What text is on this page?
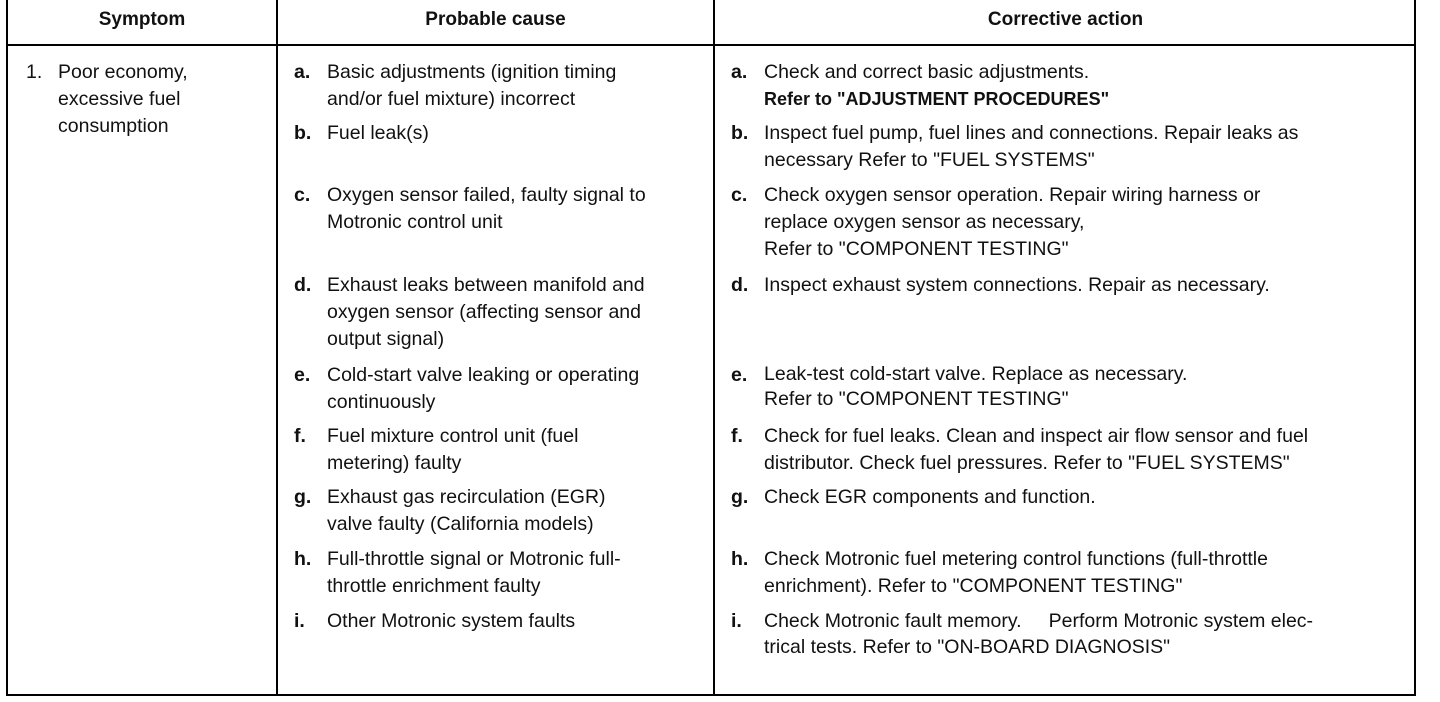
Symptom	Probable cause	Corrective action
1. Poor economy,
excessive fuel
consumption
a. Basic adjustments (ignition timing
and/or fuel mixture) incorrect
b. Fuel leak(s)
c. Oxygen sensor failed, faulty signal to
Motronic control unit
d. Exhaust leaks between manifold and
oxygen sensor (affecting sensor and
output signal)
e. Cold-start valve leaking or operating
continuously
f. Fuel mixture control unit (fuel
metering) faulty
g. Exhaust gas recirculation (EGR)
valve faulty (California models)
h. Full-throttle signal or Motronic full-
throttle enrichment faulty
i. Other Motronic system faults
a. Check and correct basic adjustments.
Refer to "ADJUSTMENT PROCEDURES"
b. Inspect fuel pump, fuel lines and connections. Repair leaks as
necessary Refer to "FUEL SYSTEMS"
c. Check oxygen sensor operation. Repair wiring harness or
replace oxygen sensor as necessary,
Refer to "COMPONENT TESTING"
d. Inspect exhaust system connections. Repair as necessary.
e. Leak-test cold-start valve. Replace as necessary.
Refer to "COMPONENT TESTING"
f. Check for fuel leaks. Clean and inspect air flow sensor and fuel
distributor. Check fuel pressures. Refer to "FUEL SYSTEMS"
g. Check EGR components and function.
h. Check Motronic fuel metering control functions (full-throttle
enrichment). Refer to "COMPONENT TESTING"
i. Check Motronic fault memory.     Perform Motronic system elec-
trical tests. Refer to "ON-BOARD DIAGNOSIS"
